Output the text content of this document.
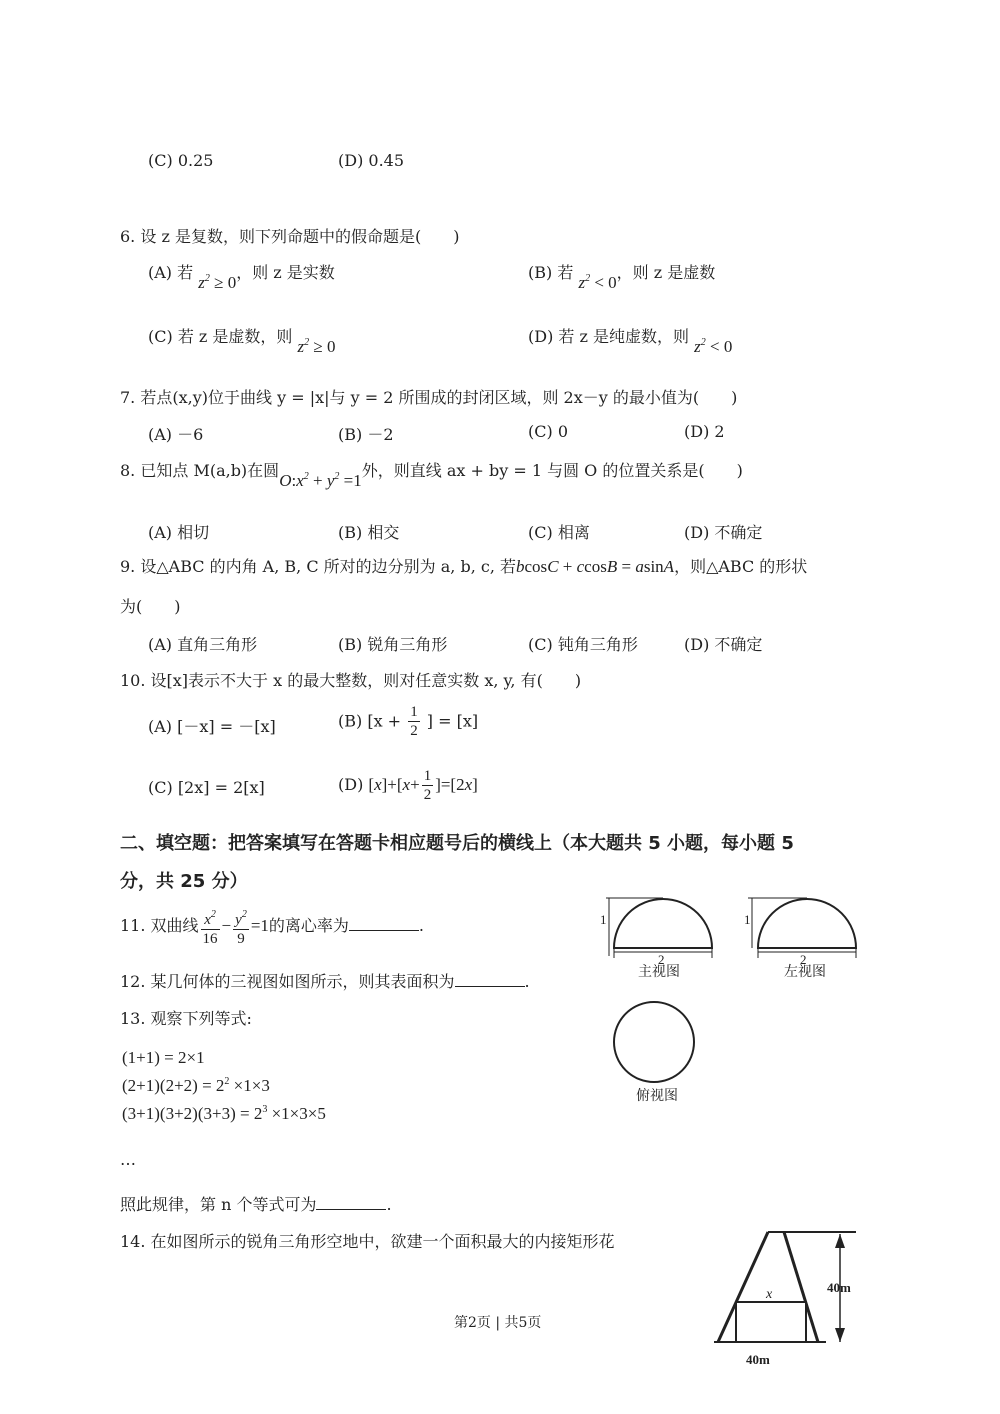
(C) 0.25	(D) 0.45
6. 设 z 是复数，则下列命题中的假命题是(　　)
(A) 若 $z^2 \ge 0$，则 z 是实数	(B) 若 $z^2 < 0$，则 z 是虚数
(C) 若 z 是虚数，则 $z^2 \ge 0$
(D) 若 z 是纯虚数，则 $z^2 < 0$
7. 若点(x,y)位于曲线 y = |x|与 y = 2 所围成的封闭区域，则 2x－y 的最小值为(　　)
(A) －6	(B) －2	(C) 0	(D) 2
8. 已知点 M(a,b)在圆$O:x^2 + y^2 =1$外，则直线 ax + by = 1 与圆 O 的位置关系是(　　)
(A) 相切	(B) 相交	(C) 相离	(D) 不确定
9. 设△ABC 的内角 A, B, C 所对的边分别为 a, b, c, 若bcosC + ccosB = asinA，则△ABC 的形状
为(　　)
(A) 直角三角形	(B) 锐角三角形	(C) 钝角三角形	(D) 不确定
10. 设[x]表示不大于 x 的最大整数，则对任意实数 x, y, 有(　　)
(A) [－x] = －[x]	(B) [$x + \frac{1}{2}$ ] = [x]
(C) [2x] = 2[x]	(D) $[x]+[x+ \frac{1}{2} ]=[2x]$
二、填空题：把答案填写在答题卡相应题号后的横线上（本大题共 5 小题，每小题 5
分，共 25 分）
11. 双曲线 $\frac{x^2}{16} - \frac{y^2}{9} =1$的离心率为	.
12. 某几何体的三视图如图所示，则其表面积为	.
13. 观察下列等式:
(1+1) = 2×1
$(2+1)(2+2) = 2^2 \times 1\times 3$
$(3+1)(3+2)(3+3) = 2^3 \times 1\times 3\times 5$
…
照此规律，第 n 个等式可为	.
14. 在如图所示的锐角三角形空地中，欲建一个面积最大的内接矩形花
1
2
主视图
1
2
左视图
俯视图
x	40m
40m
第2页 | 共5页
